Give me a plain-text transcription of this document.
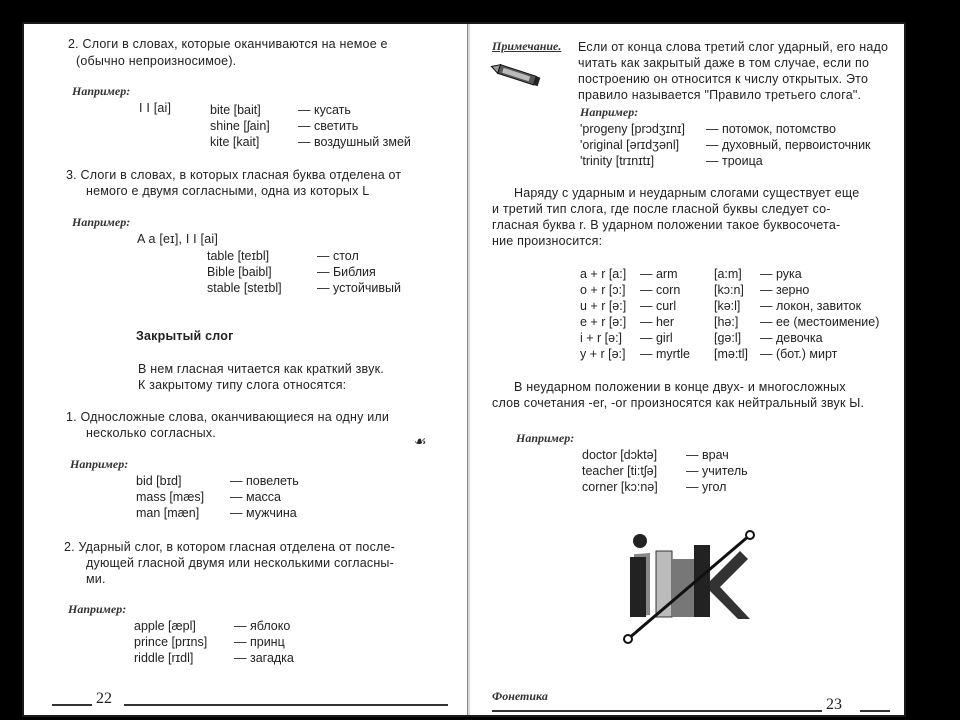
2. Слоги в словах, которые оканчиваются на немое е
(обычно непроизносимое).
Например:
I I [ai]	bite [bait]	— кусать
shine [ʃain] — светить
kite [kait]	— воздушный змей
3. Слоги в словах, в которых гласная буква отделена от
немого е двумя согласными, одна из которых L
Например:
A a [eɪ], I I [ai]
table [teɪbl]	— стол
Bible [baibl]	— Библия
stable [steɪbl]	— устойчивый
Закрытый слог
В нем гласная читается как краткий звук.
К закрытому типу слога относятся:
1. Односложные слова, оканчивающиеся на одну или
несколько согласных.	☙
Например:
bid [bɪd]	— повелеть
mass [mæs] — масса
man [mæn] — мужчина
2. Ударный слог, в котором гласная отделена от после-
дующей гласной двумя или несколькими согласны-
ми.
Например:
apple [æpl]	— яблоко
prince [prɪns] — принц
riddle [rɪdl]	— загадка
22
Примечание. Если от конца слова третий слог ударный, его надо
читать как закрытый даже в том случае, если по
построению он относится к числу открытых. Это
правило называется "Правило третьего слога".
Например:
'progeny [prɔdʒɪnɪ] — потомок, потомство
'original [ərɪdʒənl] — духовный, первоисточник
'trinity [trɪnɪtɪ]	— троица
Наряду с ударным и неударным слогами существует еще
и третий тип слога, где после гласной буквы следует со-
гласная буква r. В ударном положении такое буквосочета-
ние произносится:
a + r [a:] — arm	[a:m] — рука
o + r [ɔ:] — corn	[kɔ:n] — зерно
u + r [ə:] — curl	[kə:l] — локон, завиток
e + r [ə:] — her	[hə:] — ее (местоимение)
i + r [ə:] — girl	[gə:l] — девочка
y + r [ə:] — myrtle [mə:tl] — (бот.) мирт
В неударном положении в конце двух- и многосложных
слов сочетания -er, -or произносятся как нейтральный звук Ы.
Например:
doctor [dɔktə] — врач
teacher [ti:tʃə] — учитель
corner [kɔ:nə] — угол
Фонетика	23
